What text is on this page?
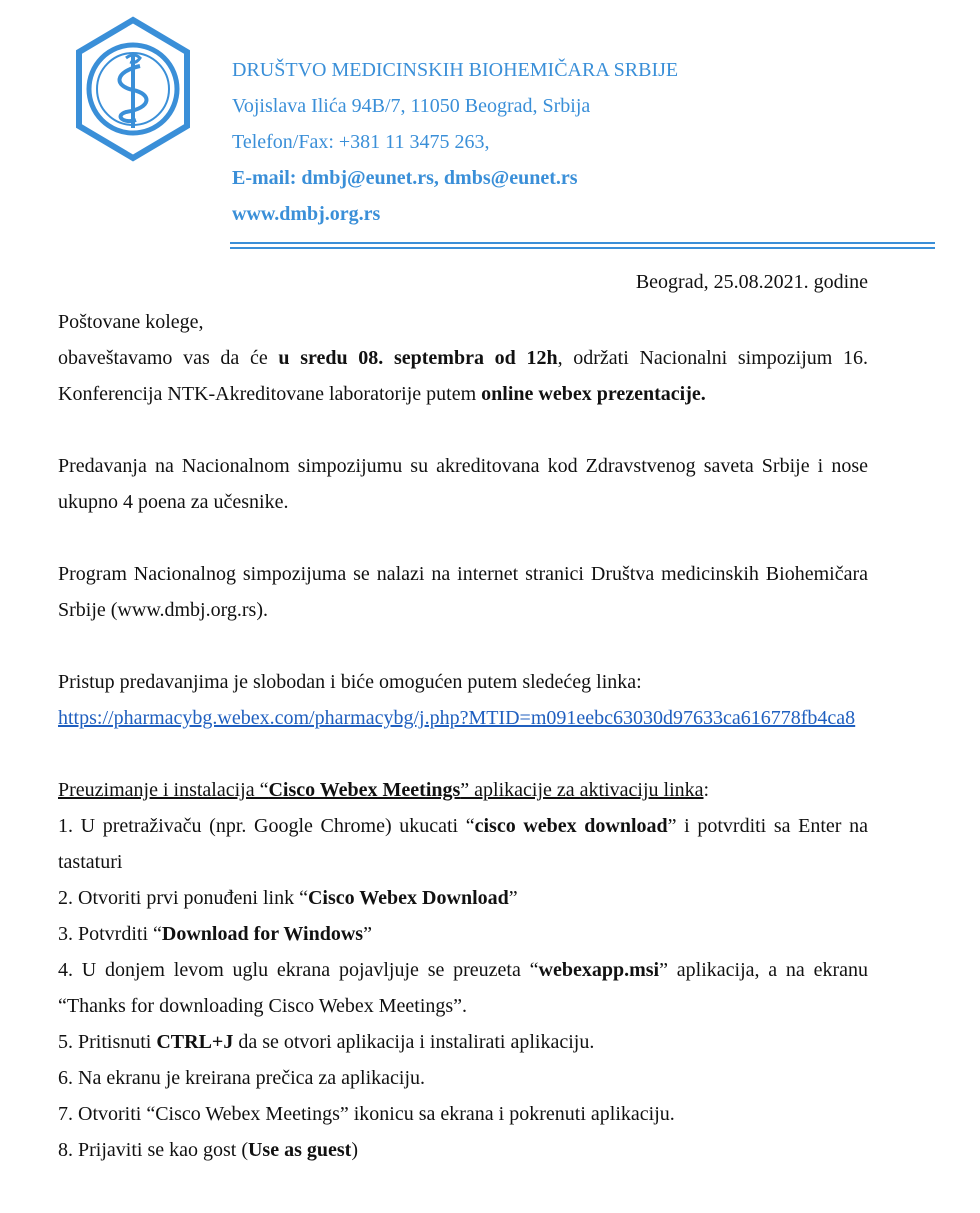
DRUŠTVO MEDICINSKIH BIOHEMIČARA SRBIJE
Vojislava Ilića 94B/7, 11050 Beograd, Srbija
Telefon/Fax: +381 11 3475 263,
E-mail: dmbj@eunet.rs, dmbs@eunet.rs
www.dmbj.org.rs
Beograd, 25.08.2021. godine

Poštovane kolege,

obaveštavamo vas da će u sredu 08. septembra od 12h, održati Nacionalni simpozijum 16. Konferencija NTK-Akreditovane laboratorije putem online webex prezentacije.

Predavanja na Nacionalnom simpozijumu su akreditovana kod Zdravstvenog saveta Srbije i nose ukupno 4 poena za učesnike.

Program Nacionalnog simpozijuma se nalazi na internet stranici Društva medicinskih Biohemičara Srbije (www.dmbj.org.rs).

Pristup predavanjima je slobodan i biće omogućen putem sledećeg linka:

https://pharmacybg.webex.com/pharmacybg/j.php?MTID=m091eebc63030d97633ca616778fb4ca8

Preuzimanje i instalacija “Cisco Webex Meetings” aplikacije za aktivaciju linka:

1. U pretraživaču (npr. Google Chrome) ukucati “cisco webex download” i potvrditi sa Enter na tastaturi

2. Otvoriti prvi ponuđeni link “Cisco Webex Download”

3. Potvrditi “Download for Windows”

4. U donjem levom uglu ekrana pojavljuje se preuzeta “webexapp.msi” aplikacija, a na ekranu “Thanks for downloading Cisco Webex Meetings”.

5. Pritisnuti CTRL+J da se otvori aplikacija i instalirati aplikaciju.

6. Na ekranu je kreirana prečica za aplikaciju.

7. Otvoriti “Cisco Webex Meetings” ikonicu sa ekrana i pokrenuti aplikaciju.

8. Prijaviti se kao gost (Use as guest)
